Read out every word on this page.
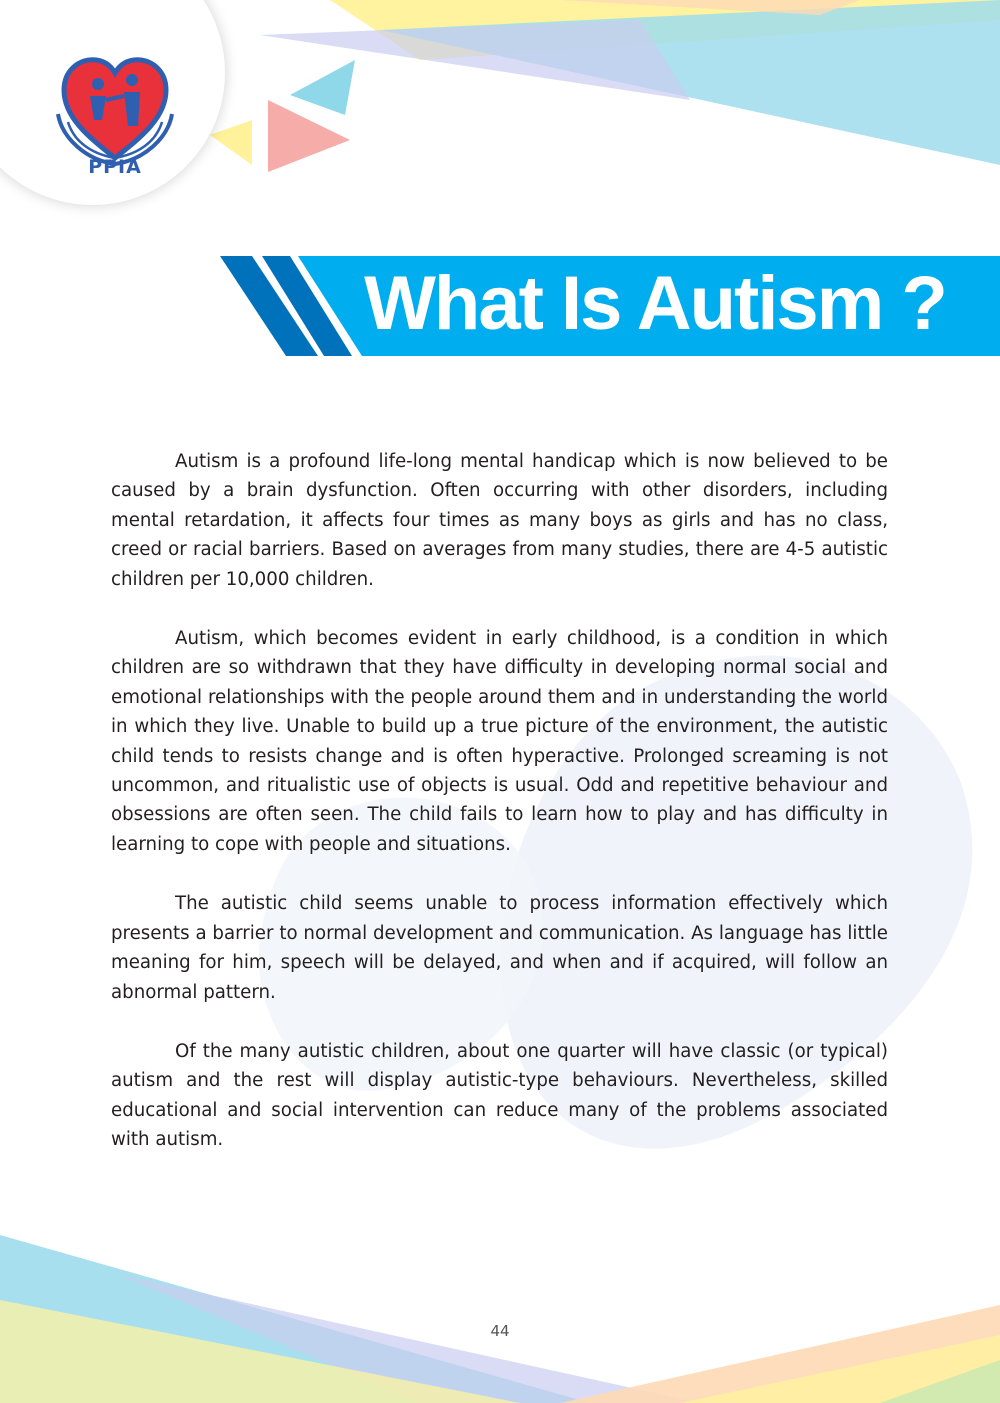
PPIA
What Is Autism ?

Autism is a profound life-long mental handicap which is now believed to be caused by a brain dysfunction. Often occurring with other disorders, including mental retardation, it affects four times as many boys as girls and has no class, creed or racial barriers. Based on averages from many studies, there are 4-5 autistic children per 10,000 children.

Autism, which becomes evident in early childhood, is a condition in which children are so withdrawn that they have difficulty in developing normal social and emotional relationships with the people around them and in understanding the world in which they live. Unable to build up a true picture of the environment, the autistic child tends to resists change and is often hyperactive. Prolonged screaming is not uncommon, and ritualistic use of objects is usual. Odd and repetitive behaviour and obsessions are often seen. The child fails to learn how to play and has difficulty in learning to cope with people and situations.

The autistic child seems unable to process information effectively which presents a barrier to normal development and communication. As language has little meaning for him, speech will be delayed, and when and if acquired, will follow an abnormal pattern.

Of the many autistic children, about one quarter will have classic (or typical) autism and the rest will display autistic-type behaviours. Nevertheless, skilled educational and social intervention can reduce many of the problems associated with autism.

44
